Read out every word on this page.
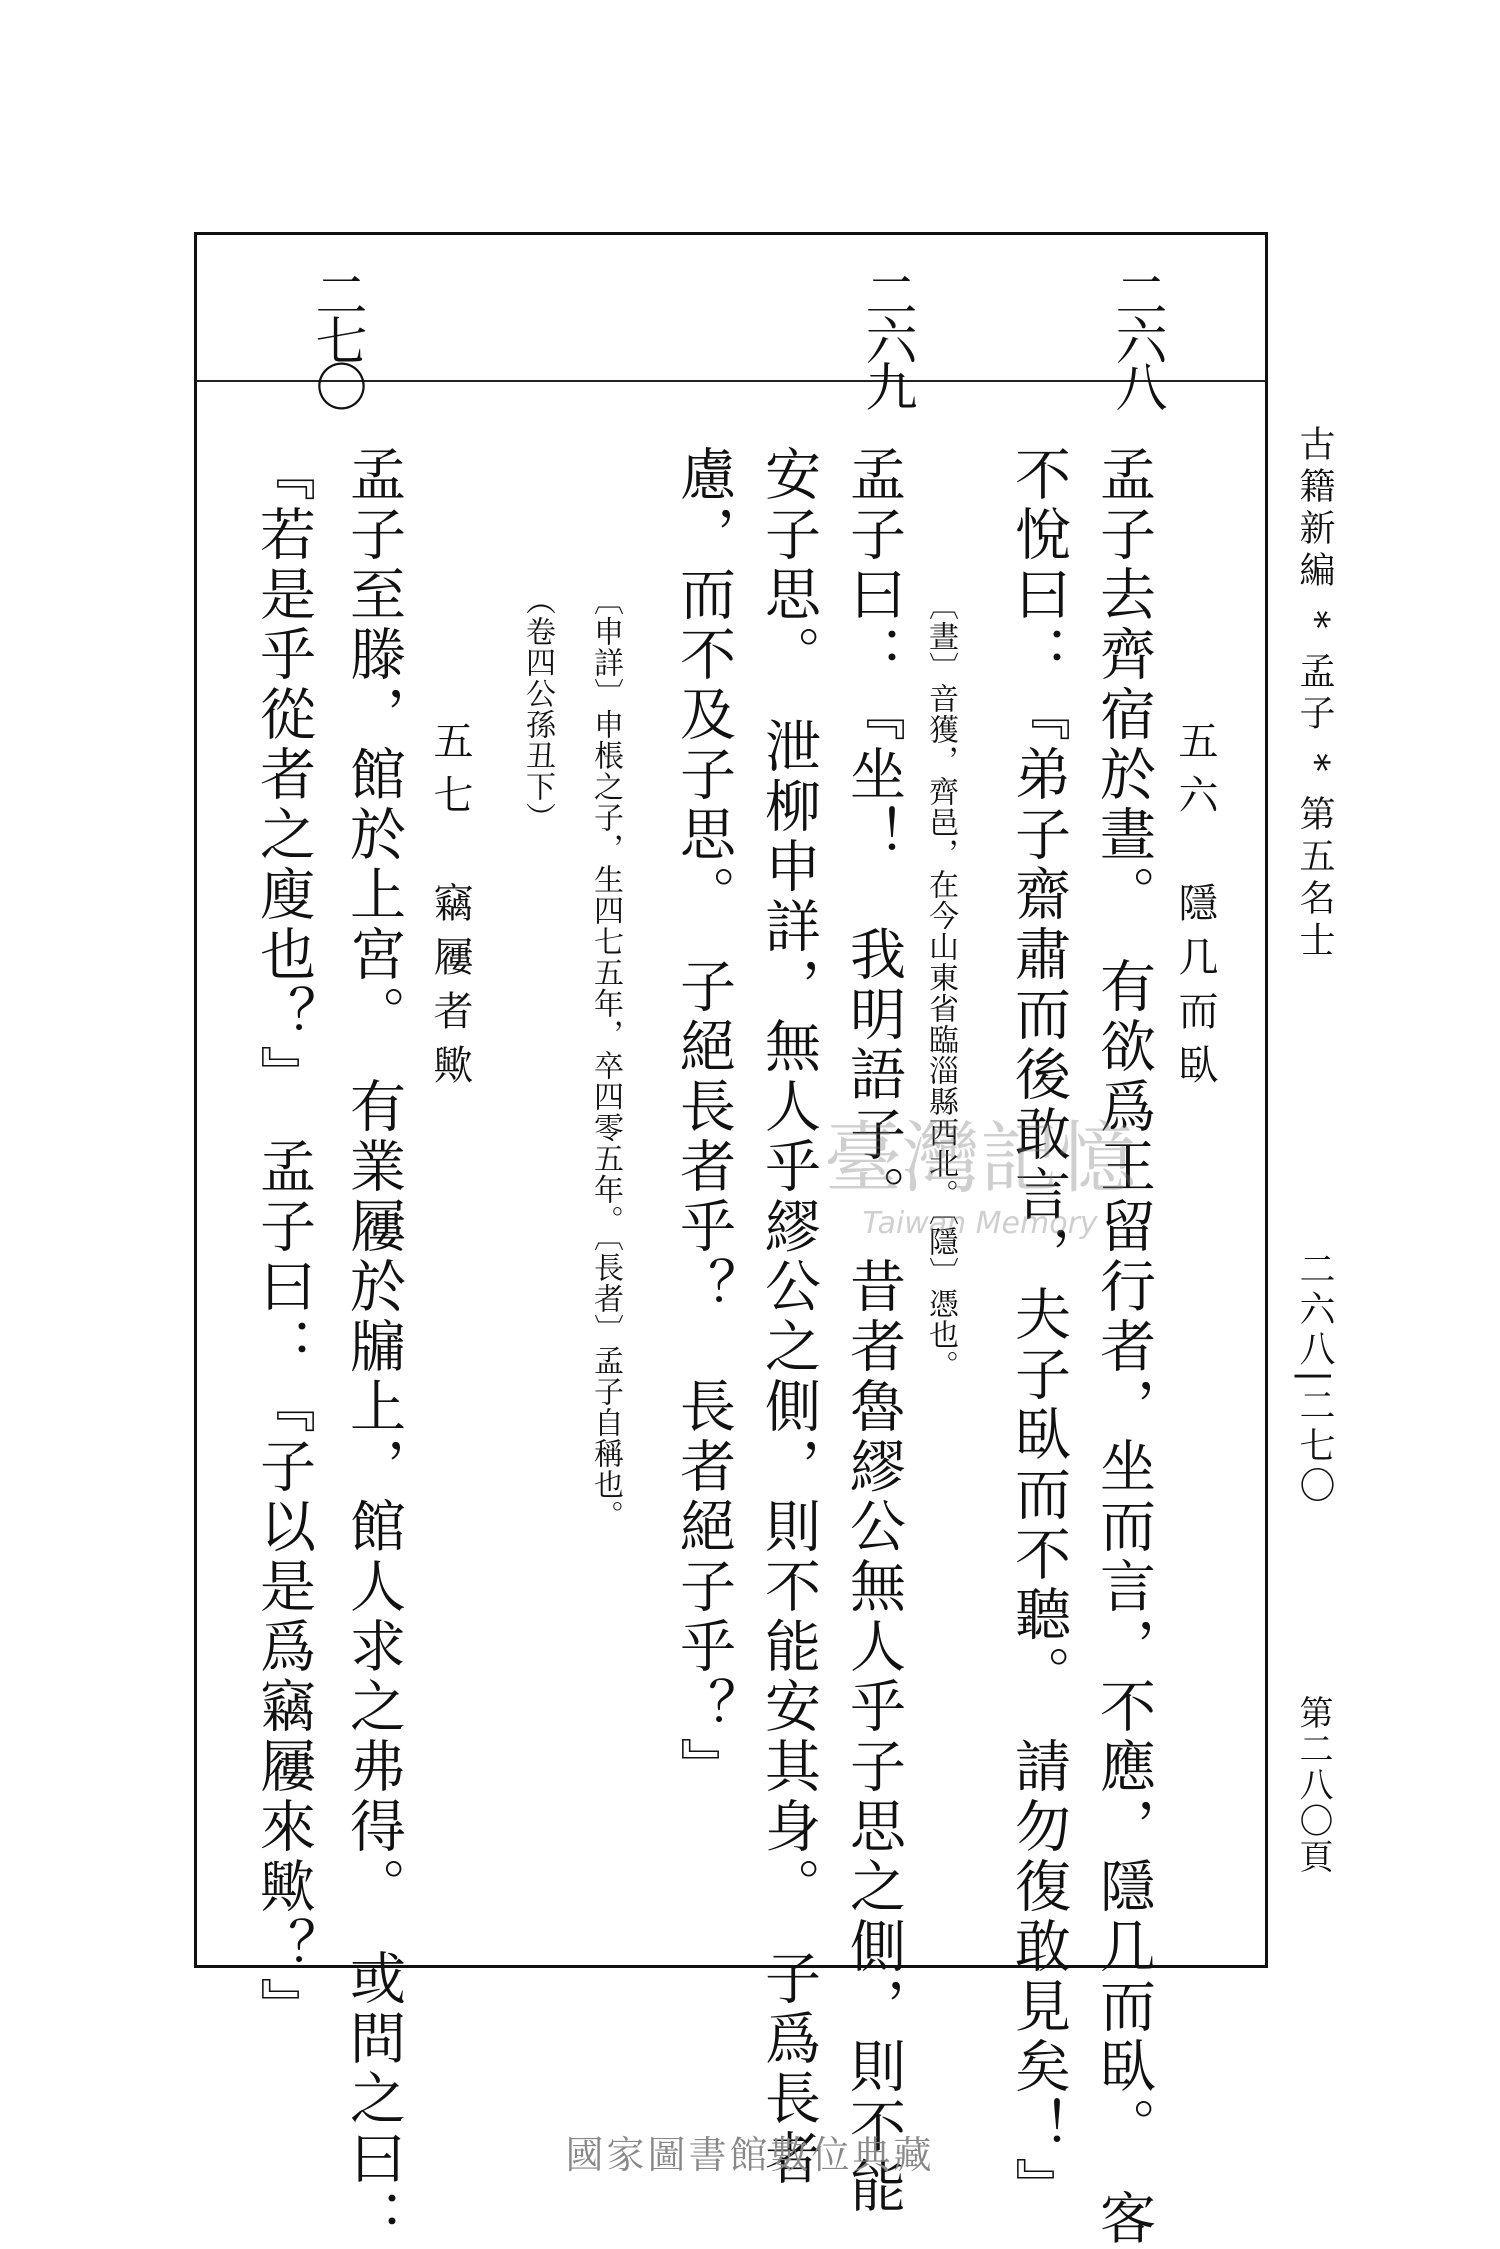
二六八
二六九
二七〇
古籍新編 * 孟子 * 第五名士
二六八|二七〇
第二八〇頁
五六　隱几而臥
孟子去齊宿於晝。　有欲爲王留行者，坐而言，不應，隱几而臥。　客
不悅曰：『弟子齋肅而後敢言，夫子臥而不聽。　請勿復敢見矣！』
〔晝〕音獲，齊邑，在今山東省臨淄縣西北。〔隱〕憑也。
孟子曰：『坐！　我明語子。　昔者魯繆公無人乎子思之側，則不能
安子思。　泄柳申詳，無人乎繆公之側，則不能安其身。　子爲長者
慮，而不及子思。　子絕長者乎？　長者絕子乎？』
〔申詳〕申棖之子，生四七五年，卒四零五年。〔長者〕孟子自稱也。
（卷四公孫丑下）
五七　竊屨者歟
孟子至滕，館於上宮。　有業屨於牖上，館人求之弗得。　或問之曰：
『若是乎從者之廋也？』　孟子曰：『子以是爲竊屨來歟？』	臺灣記憶
Taiwan Memory
國家圖書館數位典藏
